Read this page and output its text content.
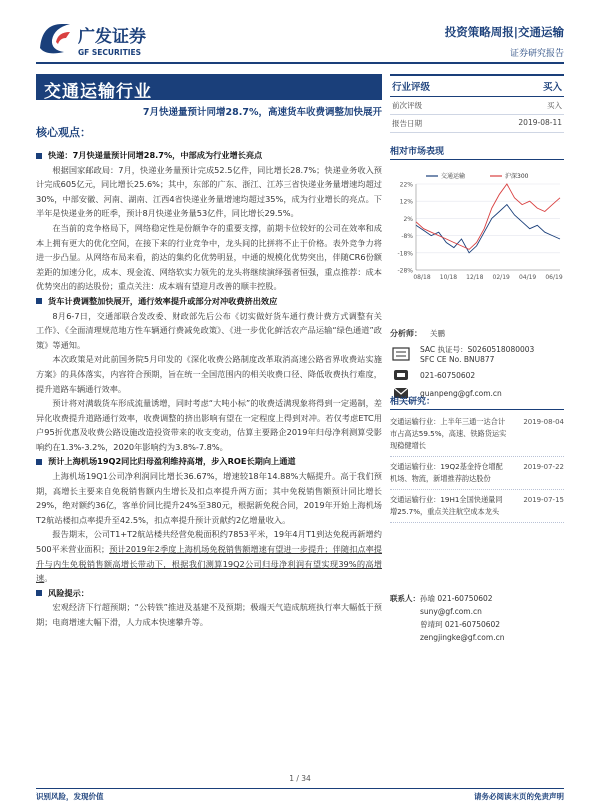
广发证券
GF SECURITIES
投资策略周报|交通运输
证券研究报告
交通运输行业
7月快递量预计同增28.7%，高速货车收费调整加快展开
核心观点：
快递：7月快递量预计同增28.7%，中部成为行业增长亮点

根据国家邮政局：7月，快递业务量预计完成52.5亿件，同比增长28.7%；快递业务收入预计完成605亿元，同比增长25.6%；其中，东部的广东、浙江、江苏三省快递业务量增速均超过30%，中部安徽、河南、湖南、江西4省快递业务量增速均超过35%，成为行业增长的亮点。下半年是快递业务的旺季，预计8月快递业务量53亿件，同比增长29.5%。

在当前的竞争格局下，网络稳定性是份额争夺的重要支撑，前期卡位较好的公司在效率和成本上拥有更大的优化空间，在接下来的行业竞争中，龙头间的比拼将不止于价格。表外竞争力将进一步凸显。从网络布局来看，韵达的集约化优势明显，中通的规模化优势突出，伴随CR6份额差距的加速分化，成本、现金流、网络软实力领先的龙头将继续演绎强者恒强，重点推荐：成本优势突出的韵达股份；重点关注：成本端有望迎月改善的顺丰控股。

货车计费调整加快展开，通行效率提升或部分对冲收费挤出效应

8月6-7日，交通部联合发改委、财政部先后公布《切实做好货车通行费计费方式调整有关工作》、《全面清理规范地方性车辆通行费减免政策》、《进一步优化鲜活农产品运输“绿色通道”政策》等通知。

本次政策是对此前国务院5月印发的《深化收费公路制度改革取消高速公路省界收费站实施方案》的具体落实，内容符合预期，旨在统一全国范围内的相关收费口径、降低收费执行难度，提升道路车辆通行效率。

预计将对满载货车形成流量诱增，同时考虑“大吨小标”的收费适满现象将得到一定遏制，差异化收费提升道路通行效率，收费调整的挤出影响有望在一定程度上得到对冲。若仅考虑ETC用户95折优惠及收费公路设施改造投资带来的收支变动，估算主要路企2019年归母净利测算受影响约在1.3%-3.2%，2020年影响约为3.8%-7.8%。

预计上海机场19Q2同比归母盈利维持高增，步入ROE长期向上通道

上海机场19Q1公司净利润同比增长36.67%，增速较18年14.88%大幅提升。高于我们预期，高增长主要来自免税销售额内生增长及扣点率提升两方面；其中免税销售额预计同比增长29%，绝对额约36亿，客单价同比提升24%至380元，根据新免税合同，2019年开始上海机场T2航站楼扣点率提升至42.5%，扣点率提升预计贡献约2亿增量收入。

报告期末，公司T1+T2航站楼共经营免税面积约7853平米，19年4月T1到达免税再新增约500平米营业面积；预计2019年2季度上海机场免税销售额增速有望进一步提升；伴随扣点率提升与内生免税销售额高增长带动下，根据我们测算19Q2公司归母净利润有望实现39%的高增速。

风险提示：

宏观经济下行超预期；“公转铁”推进及基建不及预期；极端天气造成航班执行率大幅低于预期；电商增速大幅下滑，人力成本快速攀升等。

行业评级	买入
前次评级	买入
报告日期	2019-08-11
相对市场表现
22%
12%
2%
-8%
-18%
-28%
08/18 10/18 12/18 02/19 04/19 06/19
交通运输	沪深300
分析师：	关鹏
SAC 执证号：S0260518080003
SFC CE No. BNU877
021-60750602
guanpeng@gf.com.cn
相关研究：
交通运输行业：上半年三通一达合计市占高达59.5%，高速、铁路货运实现稳健增长
2019-08-04
交通运输行业：19Q2基金持仓增配机场、物流，新增推荐韵达股份
2019-07-22
交通运输行业：19H1全国快递量同增25.7%，重点关注航空成本龙头
2019-07-15
联系人： 孙瑜 021-60750602
suny@gf.com.cn
曾靖珂 021-60750602
zengjingke@gf.com.cn
1 / 34
识别风险，发现价值	请务必阅读末页的免责声明
